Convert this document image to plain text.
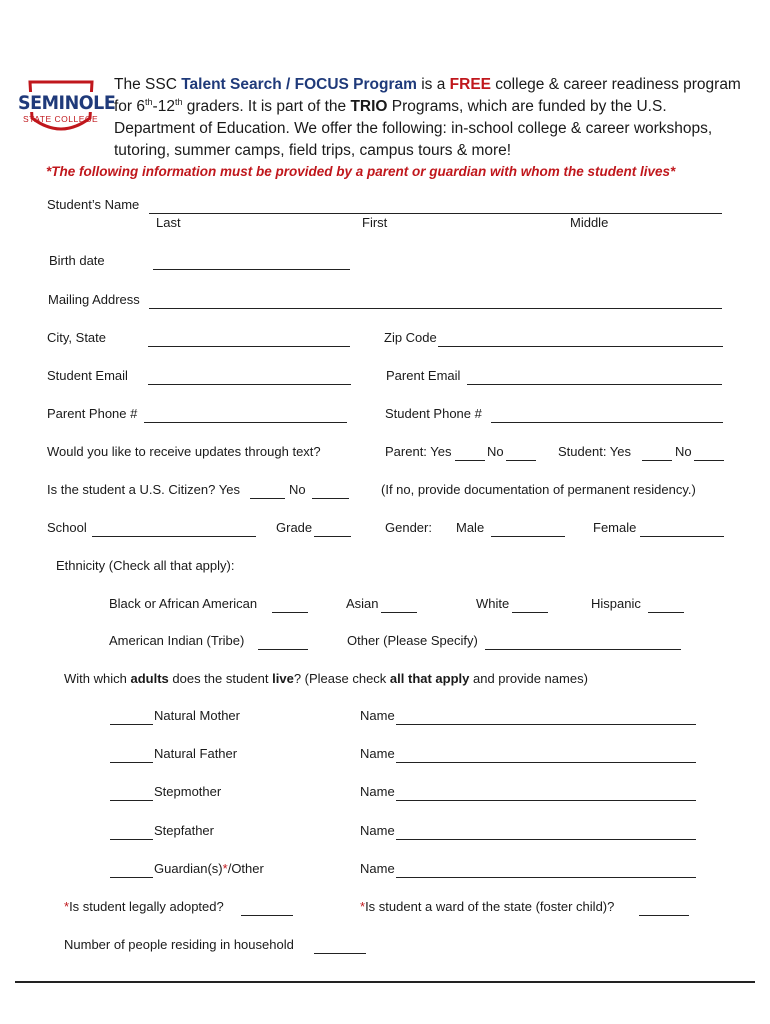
SEMINOLE
STATE COLLEGE
The SSC Talent Search / FOCUS Program is a FREE college & career readiness program
for 6th-12th graders. It is part of the TRIO Programs, which are funded by the U.S.
Department of Education. We offer the following: in-school college & career workshops,
tutoring, summer camps, field trips, campus tours & more!
*The following information must be provided by a parent or guardian with whom the student lives*
Student’s Name
Last	First	Middle
Birth date
Mailing Address
City, State	Zip Code
Student Email	Parent Email
Parent Phone #	Student Phone #
Would you like to receive updates through text?	Parent: Yes	No	Student: Yes	No
Is the student a U.S. Citizen? Yes	No	(If no, provide documentation of permanent residency.)
School	Grade	Gender: Male	Female
Ethnicity (Check all that apply):
Black or African American	Asian	White	Hispanic
American Indian (Tribe)	Other (Please Specify)
With which adults does the student live? (Please check all that apply and provide names)
Natural Mother	Name
Natural Father	Name
Stepmother	Name
Stepfather	Name
Guardian(s)*/Other	Name
*Is student legally adopted?	*Is student a ward of the state (foster child)?
Number of people residing in household
